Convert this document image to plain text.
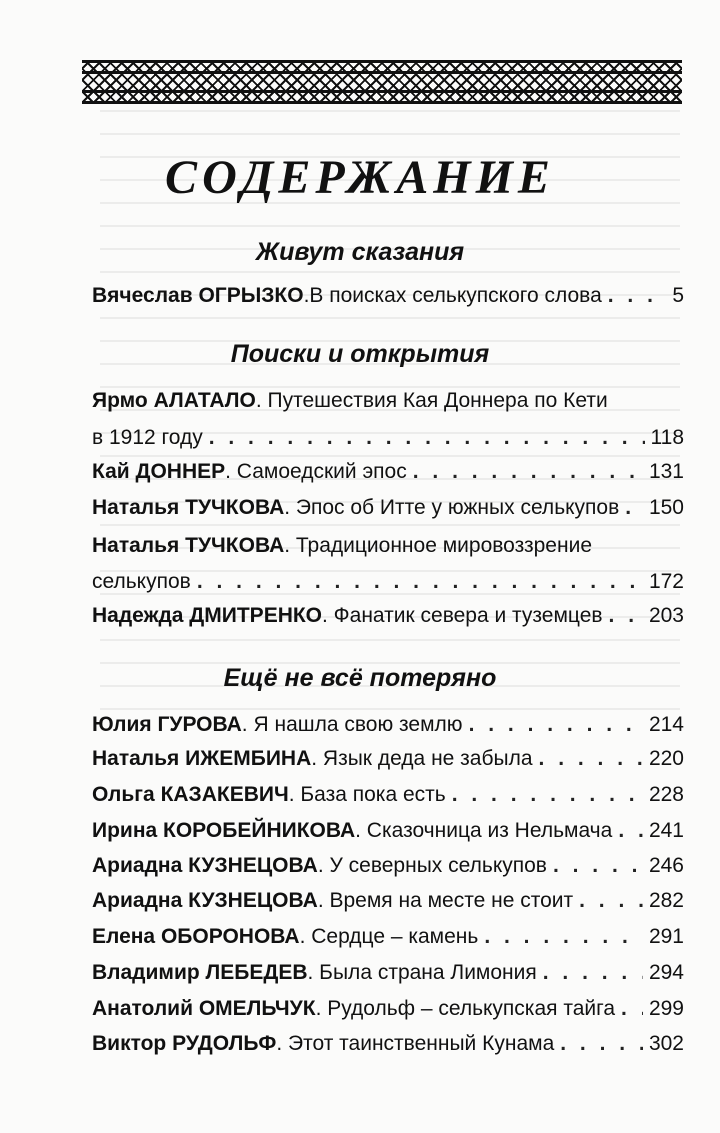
СОДЕРЖАНИЕ
Живут сказания
Вячеслав ОГРЫЗКО .В поисках селькупского слова . . .	5
Поиски и открытия
Ярмо АЛАТАЛО. Путешествия Кая Доннера по Кети
в 1912 году . . .	118
Кай ДОННЕР . Самоедский эпос . . .	131
Наталья ТУЧКОВА . Эпос об Итте у южных селькупов . . . 150
Наталья ТУЧКОВА. Традиционное мировоззрение
селькупов . . .	172
Надежда ДМИТРЕНКО . Фанатик севера и туземцев . . . 203
Ещё не всё потеряно
Юлия ГУРОВА . Я нашла свою землю . . .	214
Наталья ИЖЕМБИНА . Язык деда не забыла . . .	220
Ольга КАЗАКЕВИЧ . База пока есть . . .	228
Ирина КОРОБЕЙНИКОВА . Сказочница из Нельмача . . . 241
Ариадна КУЗНЕЦОВА . У северных селькупов . . .	246
Ариадна КУЗНЕЦОВА . Время на месте не стоит . . .	282
Елена ОБОРОНОВА . Сердце – камень . . .	291
Владимир ЛЕБЕДЕВ . Была страна Лимония . . .	294
Анатолий ОМЕЛЬЧУК . Рудольф – селькупская тайга . . . 299
Виктор РУДОЛЬФ . Этот таинственный Кунама . . .	302
